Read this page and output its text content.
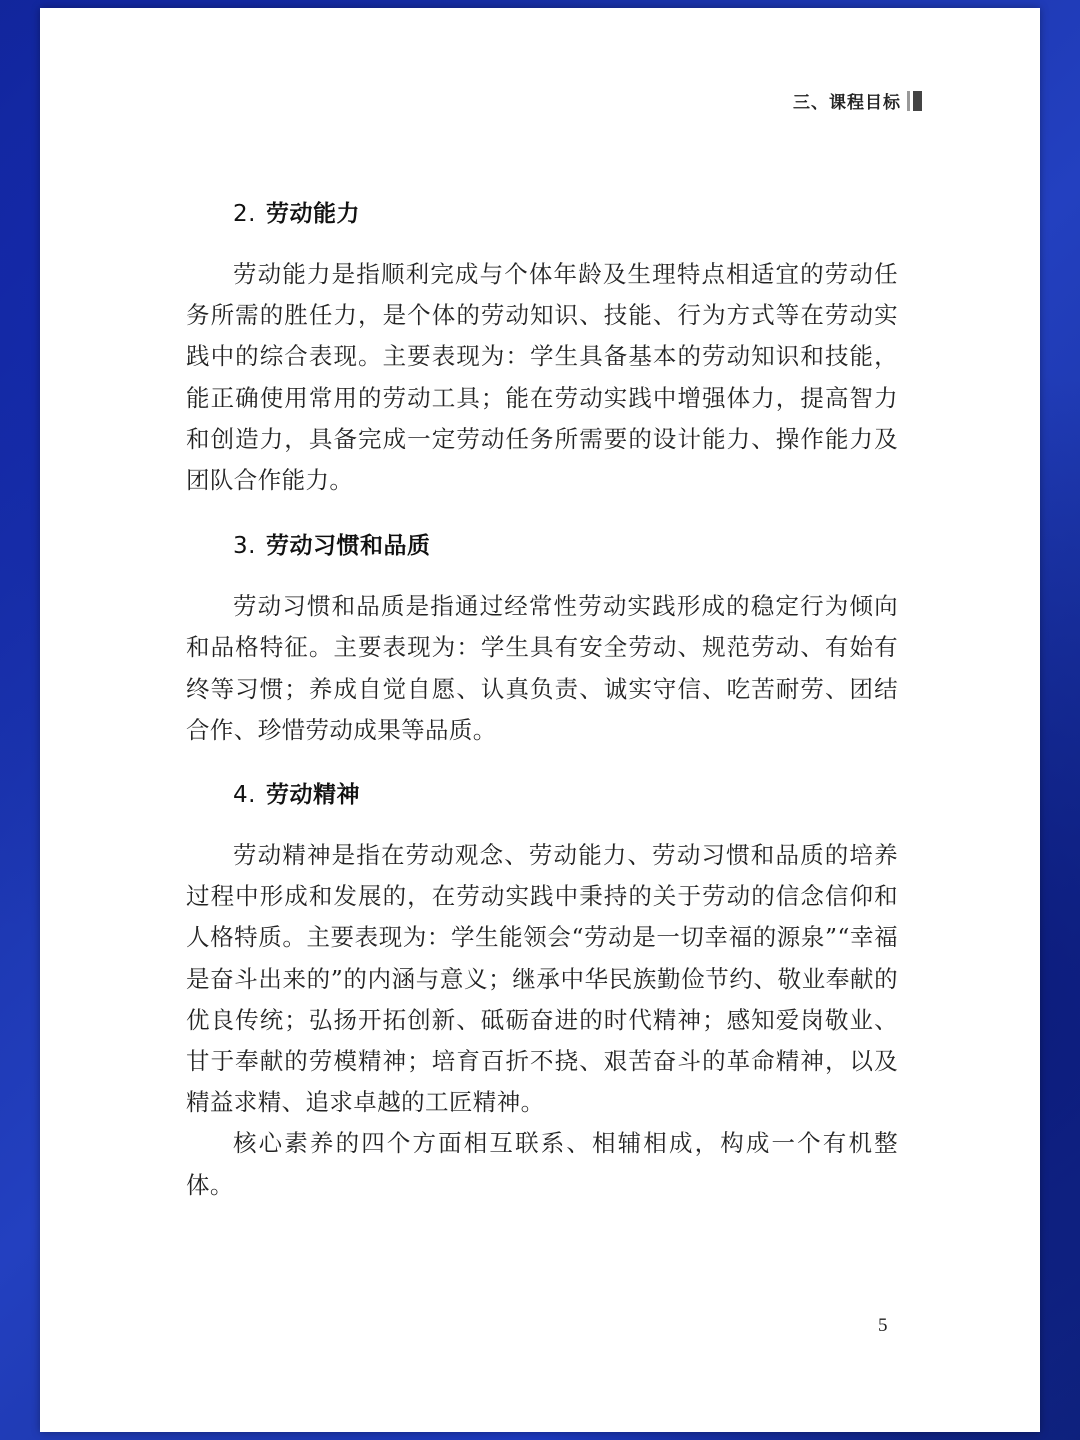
三、课程目标
2. 劳动能力

劳动能力是指顺利完成与个体年龄及生理特点相适宜的劳动任务所需的胜任力，是个体的劳动知识、技能、行为方式等在劳动实践中的综合表现。主要表现为：学生具备基本的劳动知识和技能，能正确使用常用的劳动工具；能在劳动实践中增强体力，提高智力和创造力，具备完成一定劳动任务所需要的设计能力、操作能力及团队合作能力。

3. 劳动习惯和品质

劳动习惯和品质是指通过经常性劳动实践形成的稳定行为倾向和品格特征。主要表现为：学生具有安全劳动、规范劳动、有始有终等习惯；养成自觉自愿、认真负责、诚实守信、吃苦耐劳、团结合作、珍惜劳动成果等品质。

4. 劳动精神

劳动精神是指在劳动观念、劳动能力、劳动习惯和品质的培养过程中形成和发展的，在劳动实践中秉持的关于劳动的信念信仰和人格特质。主要表现为：学生能领会“劳动是一切幸福的源泉”“幸福是奋斗出来的”的内涵与意义；继承中华民族勤俭节约、敬业奉献的优良传统；弘扬开拓创新、砥砺奋进的时代精神；感知爱岗敬业、甘于奉献的劳模精神；培育百折不挠、艰苦奋斗的革命精神，以及精益求精、追求卓越的工匠精神。

核心素养的四个方面相互联系、相辅相成，构成一个有机整体。

5
